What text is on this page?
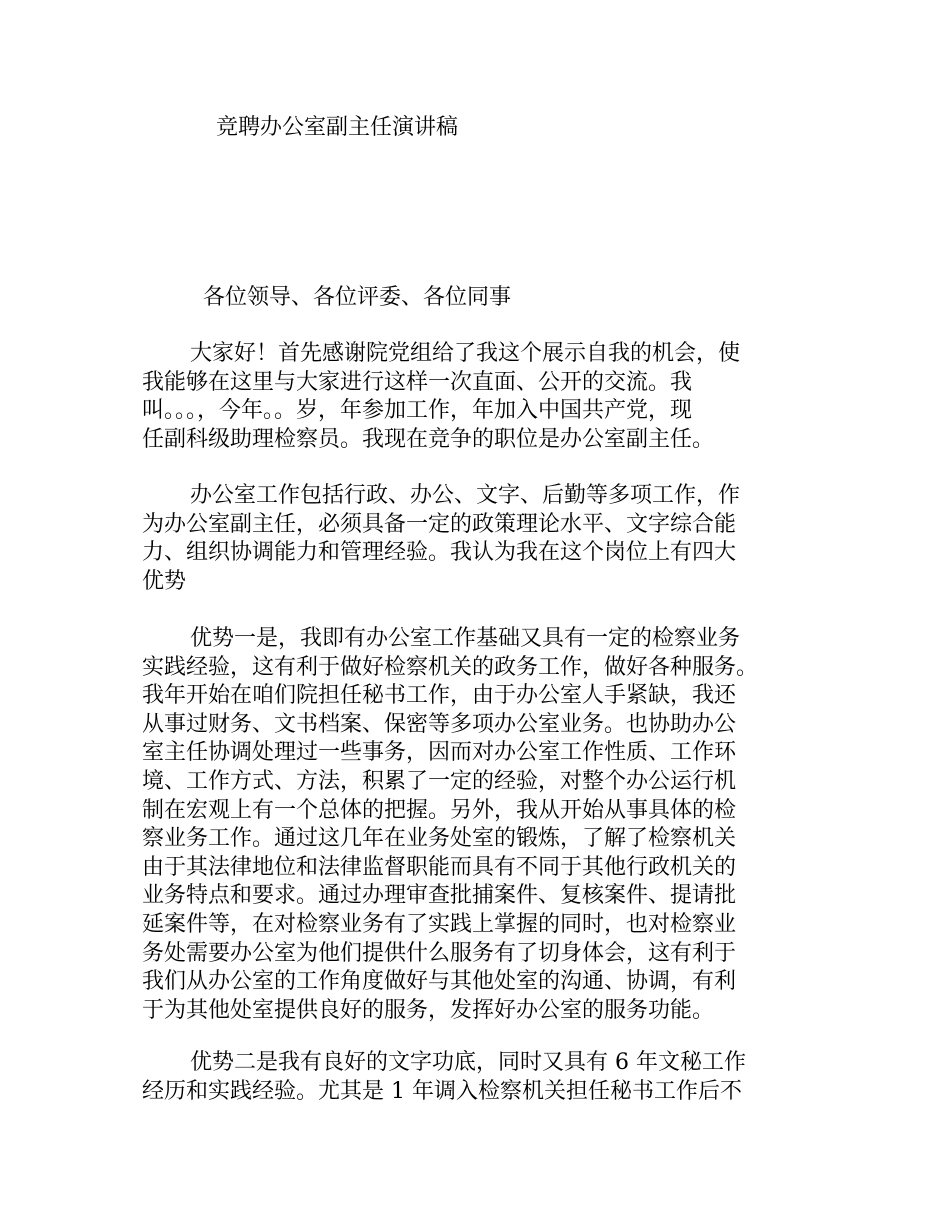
竞聘办公室副主任演讲稿
各位领导、各位评委、各位同事
大家好！首先感谢院党组给了我这个展示自我的机会，使
我能够在这里与大家进行这样一次直面、公开的交流。我
叫。。。，今年。。岁，年参加工作，年加入中国共产党，现
任副科级助理检察员。我现在竞争的职位是办公室副主任。
办公室工作包括行政、办公、文字、后勤等多项工作，作
为办公室副主任，必须具备一定的政策理论水平、文字综合能
力、组织协调能力和管理经验。我认为我在这个岗位上有四大
优势
优势一是，我即有办公室工作基础又具有一定的检察业务
实践经验，这有利于做好检察机关的政务工作，做好各种服务。
我年开始在咱们院担任秘书工作，由于办公室人手紧缺，我还
从事过财务、文书档案、保密等多项办公室业务。也协助办公
室主任协调处理过一些事务，因而对办公室工作性质、工作环
境、工作方式、方法，积累了一定的经验，对整个办公运行机
制在宏观上有一个总体的把握。另外，我从开始从事具体的检
察业务工作。通过这几年在业务处室的锻炼，了解了检察机关
由于其法律地位和法律监督职能而具有不同于其他行政机关的
业务特点和要求。通过办理审查批捕案件、复核案件、提请批
延案件等，在对检察业务有了实践上掌握的同时，也对检察业
务处需要办公室为他们提供什么服务有了切身体会，这有利于
我们从办公室的工作角度做好与其他处室的沟通、协调，有利
于为其他处室提供良好的服务，发挥好办公室的服务功能。
优势二是我有良好的文字功底，同时又具有 6 年文秘工作
经历和实践经验。尤其是 1 年调入检察机关担任秘书工作后不
